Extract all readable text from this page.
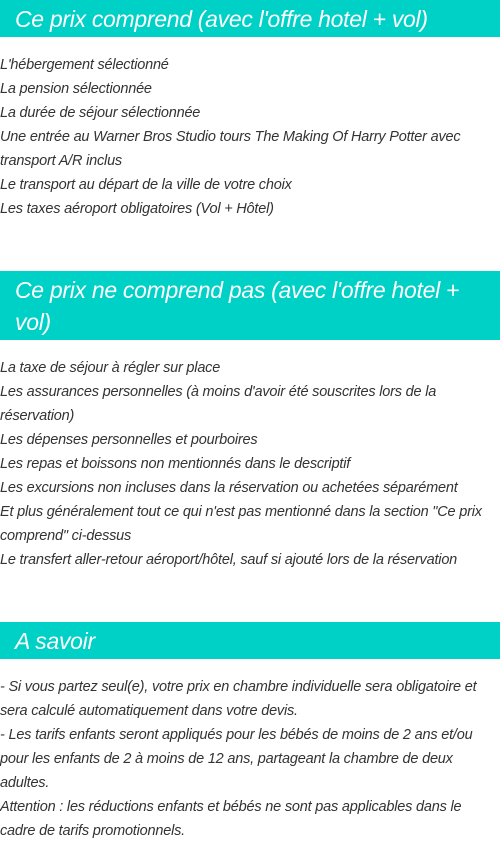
Ce prix comprend (avec l'offre hotel + vol)
L'hébergement sélectionné
La pension sélectionnée
La durée de séjour sélectionnée
Une entrée au Warner Bros Studio tours The Making Of Harry Potter avec transport A/R inclus
Le transport au départ de la ville de votre choix
Les taxes aéroport obligatoires (Vol + Hôtel)
Ce prix ne comprend pas (avec l'offre hotel + vol)
La taxe de séjour à régler sur place
Les assurances personnelles (à moins d'avoir été souscrites lors de la réservation)
Les dépenses personnelles et pourboires
Les repas et boissons non mentionnés dans le descriptif
Les excursions non incluses dans la réservation ou achetées séparément
Et plus généralement tout ce qui n'est pas mentionné dans la section "Ce prix comprend" ci-dessus
Le transfert aller-retour aéroport/hôtel, sauf si ajouté lors de la réservation
A savoir
- Si vous partez seul(e), votre prix en chambre individuelle sera obligatoire et sera calculé automatiquement dans votre devis.
- Les tarifs enfants seront appliqués pour les bébés de moins de 2 ans et/ou pour les enfants de 2 à moins de 12 ans, partageant la chambre de deux adultes.
Attention : les réductions enfants et bébés ne sont pas applicables dans le cadre de tarifs promotionnels.
